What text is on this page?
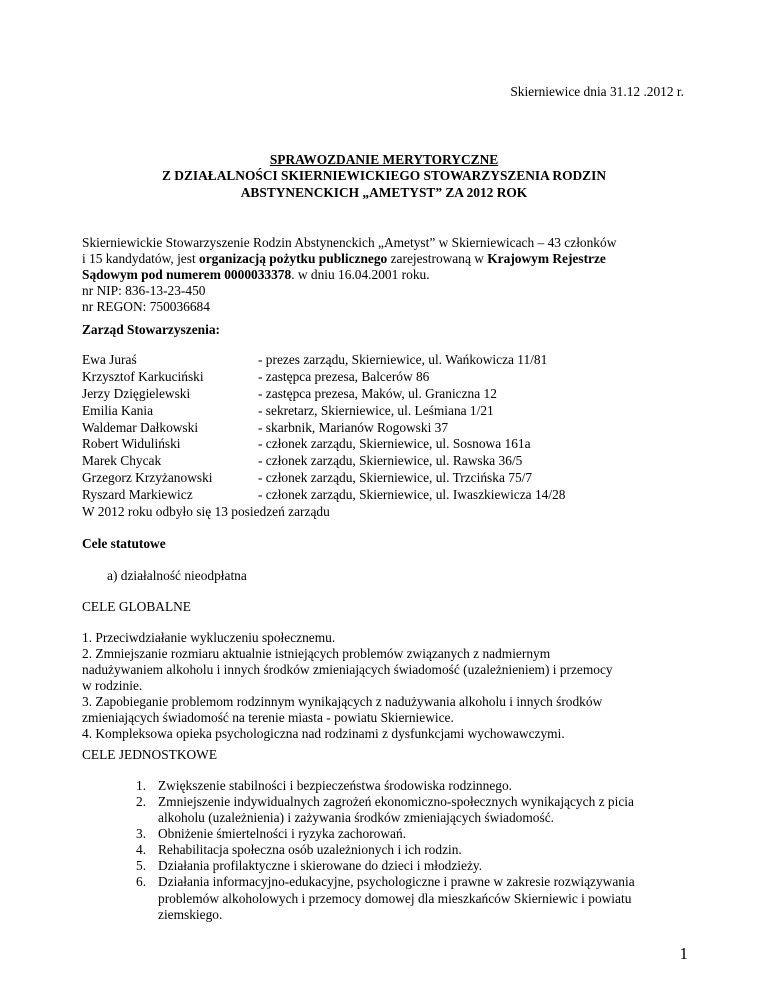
Skierniewice dnia 31.12 .2012 r.
SPRAWOZDANIE MERYTORYCZNE
Z DZIAŁALNOŚCI SKIERNIEWICKIEGO STOWARZYSZENIA RODZIN
ABSTYNENCKICH „AMETYST” ZA 2012 ROK
Skierniewickie Stowarzyszenie Rodzin Abstynenckich „Ametyst” w Skierniewicach – 43 członków
i 15 kandydatów, jest organizacją pożytku publicznego zarejestrowaną w Krajowym Rejestrze
Sądowym pod numerem 0000033378. w dniu 16.04.2001 roku.
nr NIP: 836-13-23-450
nr REGON: 750036684
Zarząd Stowarzyszenia:
Ewa Juraś	- prezes zarządu, Skierniewice, ul. Wańkowicza 11/81
Krzysztof Karkuciński	- zastępca prezesa, Balcerów 86
Jerzy Dzięgielewski	- zastępca prezesa, Maków, ul. Graniczna 12
Emilia Kania	- sekretarz, Skierniewice, ul. Leśmiana 1/21
Waldemar Dałkowski	- skarbnik, Marianów Rogowski 37
Robert Widuliński	- członek zarządu, Skierniewice, ul. Sosnowa 161a
Marek Chycak	- członek zarządu, Skierniewice, ul. Rawska 36/5
Grzegorz Krzyżanowski	- członek zarządu, Skierniewice, ul. Trzcińska 75/7
Ryszard Markiewicz	- członek zarządu, Skierniewice, ul. Iwaszkiewicza 14/28
W 2012 roku odbyło się 13 posiedzeń zarządu
Cele statutowe
a) działalność nieodpłatna
CELE GLOBALNE
1. Przeciwdziałanie wykluczeniu społecznemu.
2. Zmniejszanie rozmiaru aktualnie istniejących problemów związanych z nadmiernym
nadużywaniem alkoholu i innych środków zmieniających świadomość (uzależnieniem) i przemocy
w rodzinie.
3. Zapobieganie problemom rodzinnym wynikających z nadużywania alkoholu i innych środków
zmieniających świadomość na terenie miasta - powiatu Skierniewice.
4. Kompleksowa opieka psychologiczna nad rodzinami z dysfunkcjami wychowawczymi.
CELE JEDNOSTKOWE
1. Zwiększenie stabilności i bezpieczeństwa środowiska rodzinnego.
2. Zmniejszenie indywidualnych zagrożeń ekonomiczno-społecznych wynikających z picia
alkoholu (uzależnienia) i zażywania środków zmieniających świadomość.
3. Obniżenie śmiertelności i ryzyka zachorowań.
4. Rehabilitacja społeczna osób uzależnionych i ich rodzin.
5. Działania profilaktyczne i skierowane do dzieci i młodzieży.
6. Działania informacyjno-edukacyjne, psychologiczne i prawne w zakresie rozwiązywania
problemów alkoholowych i przemocy domowej dla mieszkańców Skierniewic i powiatu
ziemskiego.
1
